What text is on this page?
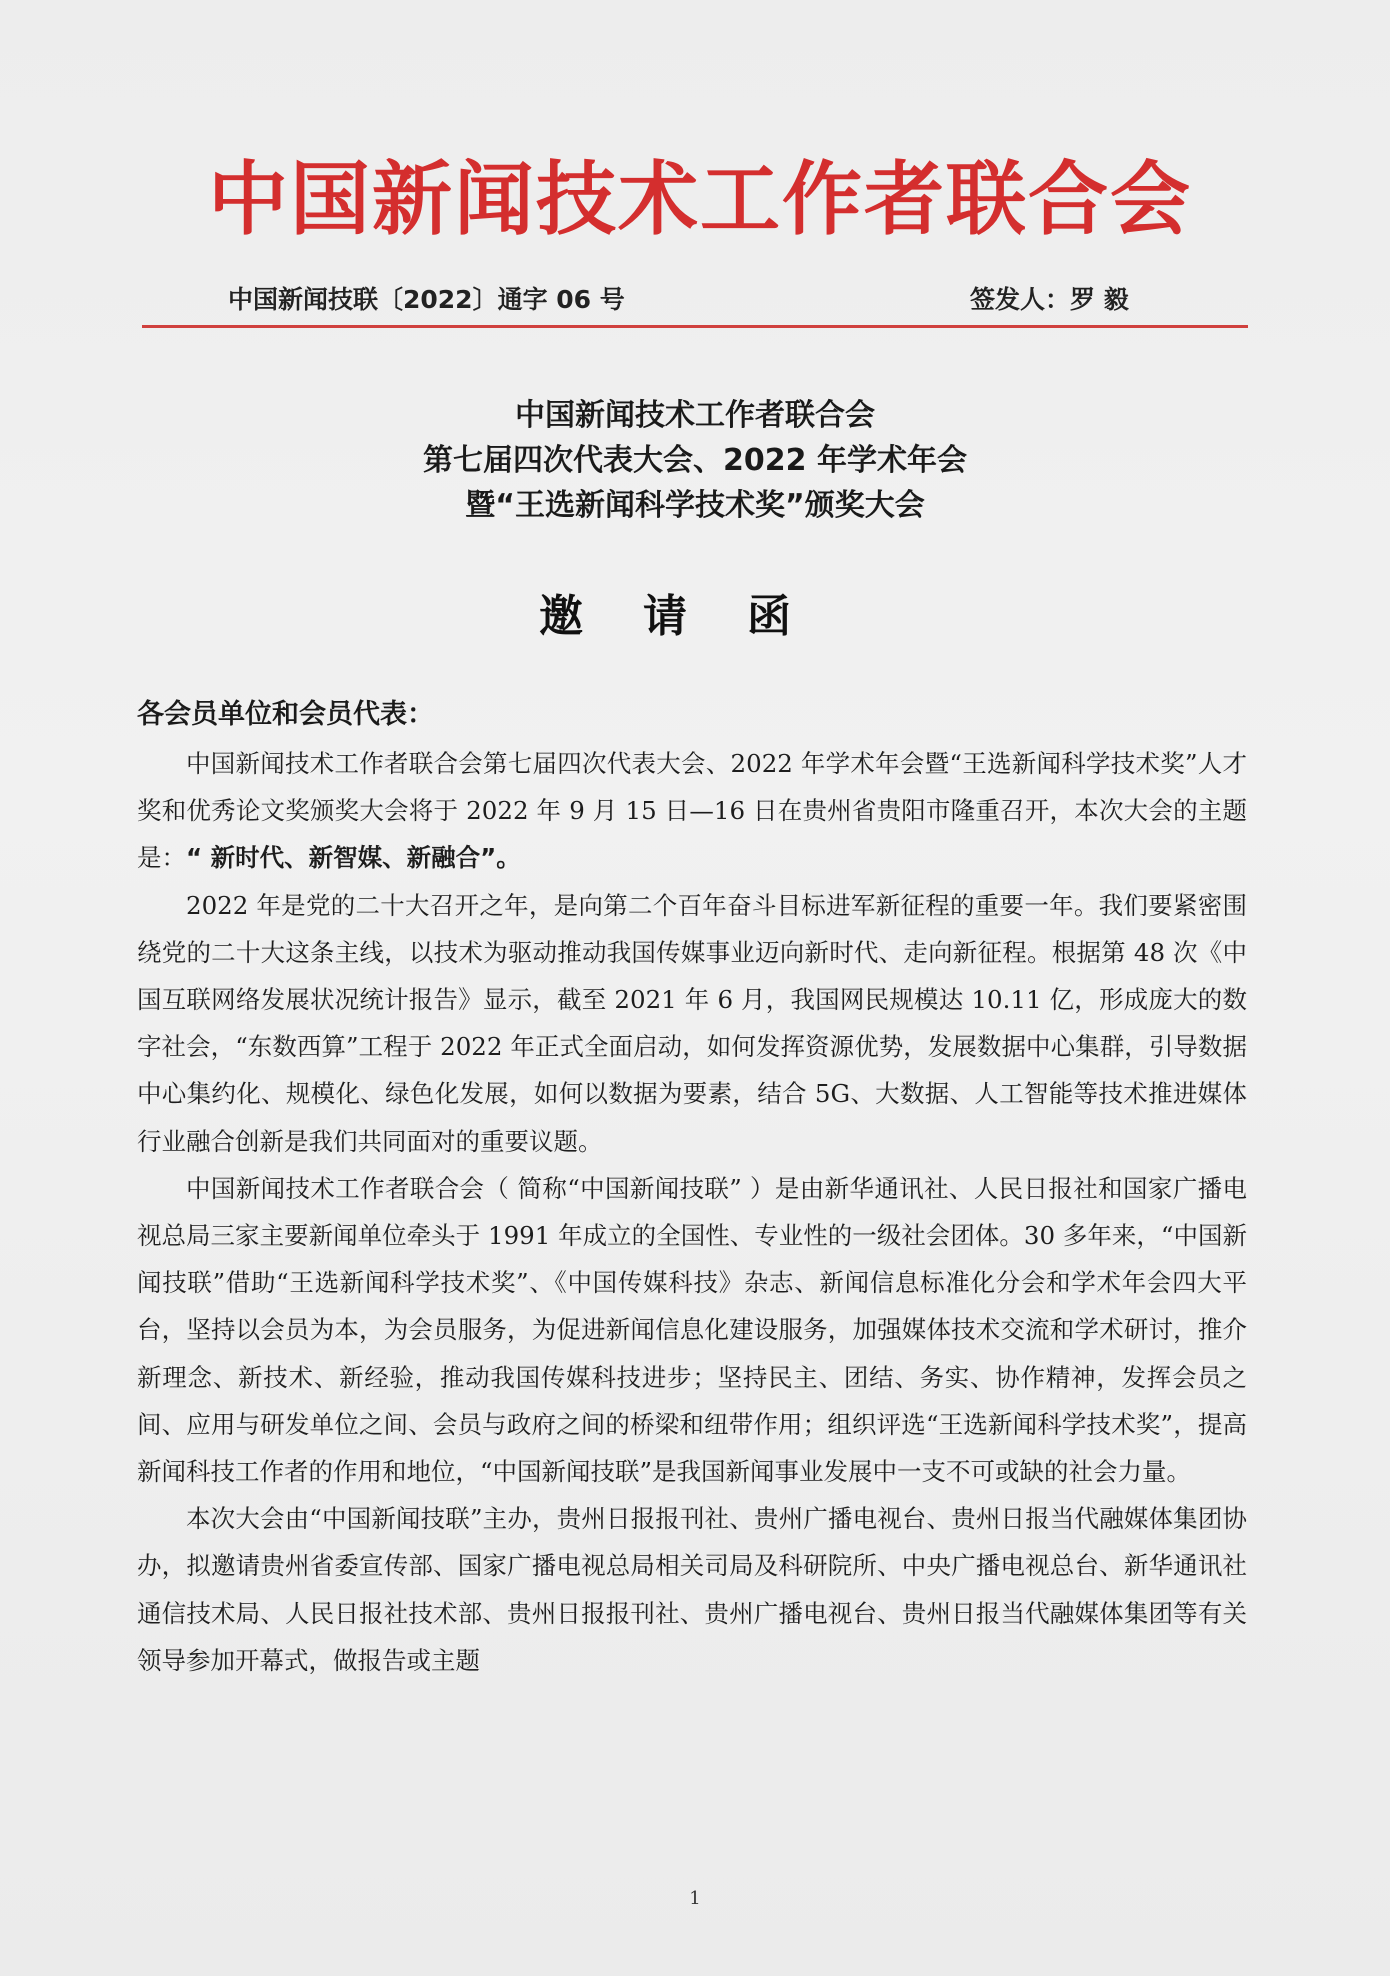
中国新闻技术工作者联合会
中国新闻技联〔2022〕通字 06 号	签发人：罗 毅
中国新闻技术工作者联合会
第七届四次代表大会、2022 年学术年会
暨“王选新闻科学技术奖”颁奖大会
邀请函
各会员单位和会员代表：

中国新闻技术工作者联合会第七届四次代表大会、2022 年学术年会暨“王选新闻科学技术奖”人才奖和优秀论文奖颁奖大会将于 2022 年 9 月 15 日—16 日在贵州省贵阳市隆重召开，本次大会的主题是：“ 新时代、新智媒、新融合”。

2022 年是党的二十大召开之年，是向第二个百年奋斗目标进军新征程的重要一年。我们要紧密围绕党的二十大这条主线，以技术为驱动推动我国传媒事业迈向新时代、走向新征程。根据第 48 次《中国互联网络发展状况统计报告》显示，截至 2021 年 6 月，我国网民规模达 10.11 亿，形成庞大的数字社会，“东数西算”工程于 2022 年正式全面启动，如何发挥资源优势，发展数据中心集群，引导数据中心集约化、规模化、绿色化发展，如何以数据为要素，结合 5G、大数据、人工智能等技术推进媒体行业融合创新是我们共同面对的重要议题。

中国新闻技术工作者联合会（ 简称“中国新闻技联” ）是由新华通讯社、人民日报社和国家广播电视总局三家主要新闻单位牵头于 1991 年成立的全国性、专业性的一级社会团体。30 多年来，“中国新闻技联”借助“王选新闻科学技术奖”、《中国传媒科技》杂志、新闻信息标准化分会和学术年会四大平台，坚持以会员为本，为会员服务，为促进新闻信息化建设服务，加强媒体技术交流和学术研讨，推介新理念、新技术、新经验，推动我国传媒科技进步；坚持民主、团结、务实、协作精神，发挥会员之间、应用与研发单位之间、会员与政府之间的桥梁和纽带作用；组织评选“王选新闻科学技术奖”，提高新闻科技工作者的作用和地位，“中国新闻技联”是我国新闻事业发展中一支不可或缺的社会力量。

本次大会由“中国新闻技联”主办，贵州日报报刊社、贵州广播电视台、贵州日报当代融媒体集团协办，拟邀请贵州省委宣传部、国家广播电视总局相关司局及科研院所、中央广播电视总台、新华通讯社通信技术局、人民日报社技术部、贵州日报报刊社、贵州广播电视台、贵州日报当代融媒体集团等有关领导参加开幕式，做报告或主题

1
